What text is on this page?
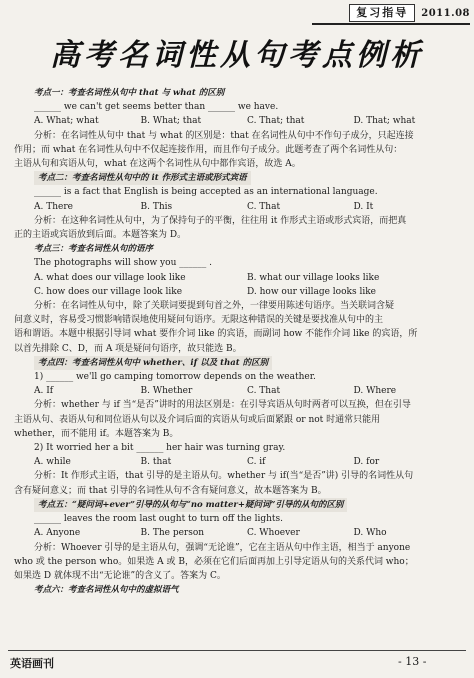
复习指导	2011.08
高考名词性从句考点例析
考点一：考查名词性从句中 that 与 what 的区别
______ we can't get seems better than ______ we have.
A. What; what	B. What; that	C. That; that	D. That; what
分析：在名词性从句中 that 与 what 的区别是：that 在名词性从句中不作句子成分，只起连接
作用；而 what 在名词性从句中不仅起连接作用，而且作句子成分。此题考查了两个名词性从句：
主语从句和宾语从句，what 在这两个名词性从句中都作宾语，故选 A。
考点二：考查名词性从句中的 it 作形式主语或形式宾语
______ is a fact that English is being accepted as an international language.
A. There	B. This	C. That	D. It
分析：在这种名词性从句中，为了保持句子的平衡，往往用 it 作形式主语或形式宾语，而把真
正的主语或宾语放到后面。本题答案为 D。
考点三：考查名词性从句的语序
The photographs will show you ______ .
A. what does our village look like	B. what our village looks like
C. how does our village look like	D. how our village looks like
分析：在名词性从句中，除了关联词要提到句首之外，一律要用陈述句语序。当关联词含疑
问意义时，容易受习惯影响错误地使用疑问句语序。无限这种错误的关键是要找准从句中的主
语和谓语。本题中根据引导词 what 要作介词 like 的宾语，而副词 how 不能作介词 like 的宾语，所
以首先排除 C、D，而 A 项是疑问句语序，故只能选 B。
考点四：考查名词性从句中 whether、if 以及 that 的区别
1) ______ we'll go camping tomorrow depends on the weather.
A. If	B. Whether	C. That	D. Where
分析：whether 与 if 当“是否”讲时的用法区别是：在引导宾语从句时两者可以互换，但在引导
主语从句、表语从句和同位语从句以及介词后面的宾语从句或后面紧跟 or not 时通常只能用
whether，而不能用 if。本题答案为 B。
2) It worried her a bit ______ her hair was turning gray.
A. while	B. that	C. if	D. for
分析：It 作形式主语，that 引导的是主语从句。whether 与 if(当“是否”讲) 引导的名词性从句
含有疑问意义；而 that 引导的名词性从句不含有疑问意义，故本题答案为 B。
考点五：“疑问词+ever”引导的从句与“no matter+疑问词”引导的从句的区别
______ leaves the room last ought to turn off the lights.
A. Anyone	B. The person	C. Whoever	D. Who
分析：Whoever 引导的是主语从句，强调“无论谁”，它在主语从句中作主语，相当于 anyone
who 或 the person who。如果选 A 或 B，必须在它们后面再加上引导定语从句的关系代词 who；
如果选 D 就体现不出“无论谁”的含义了。答案为 C。
考点六：考查名词性从句中的虚拟语气
英语画刊	- 13 -
